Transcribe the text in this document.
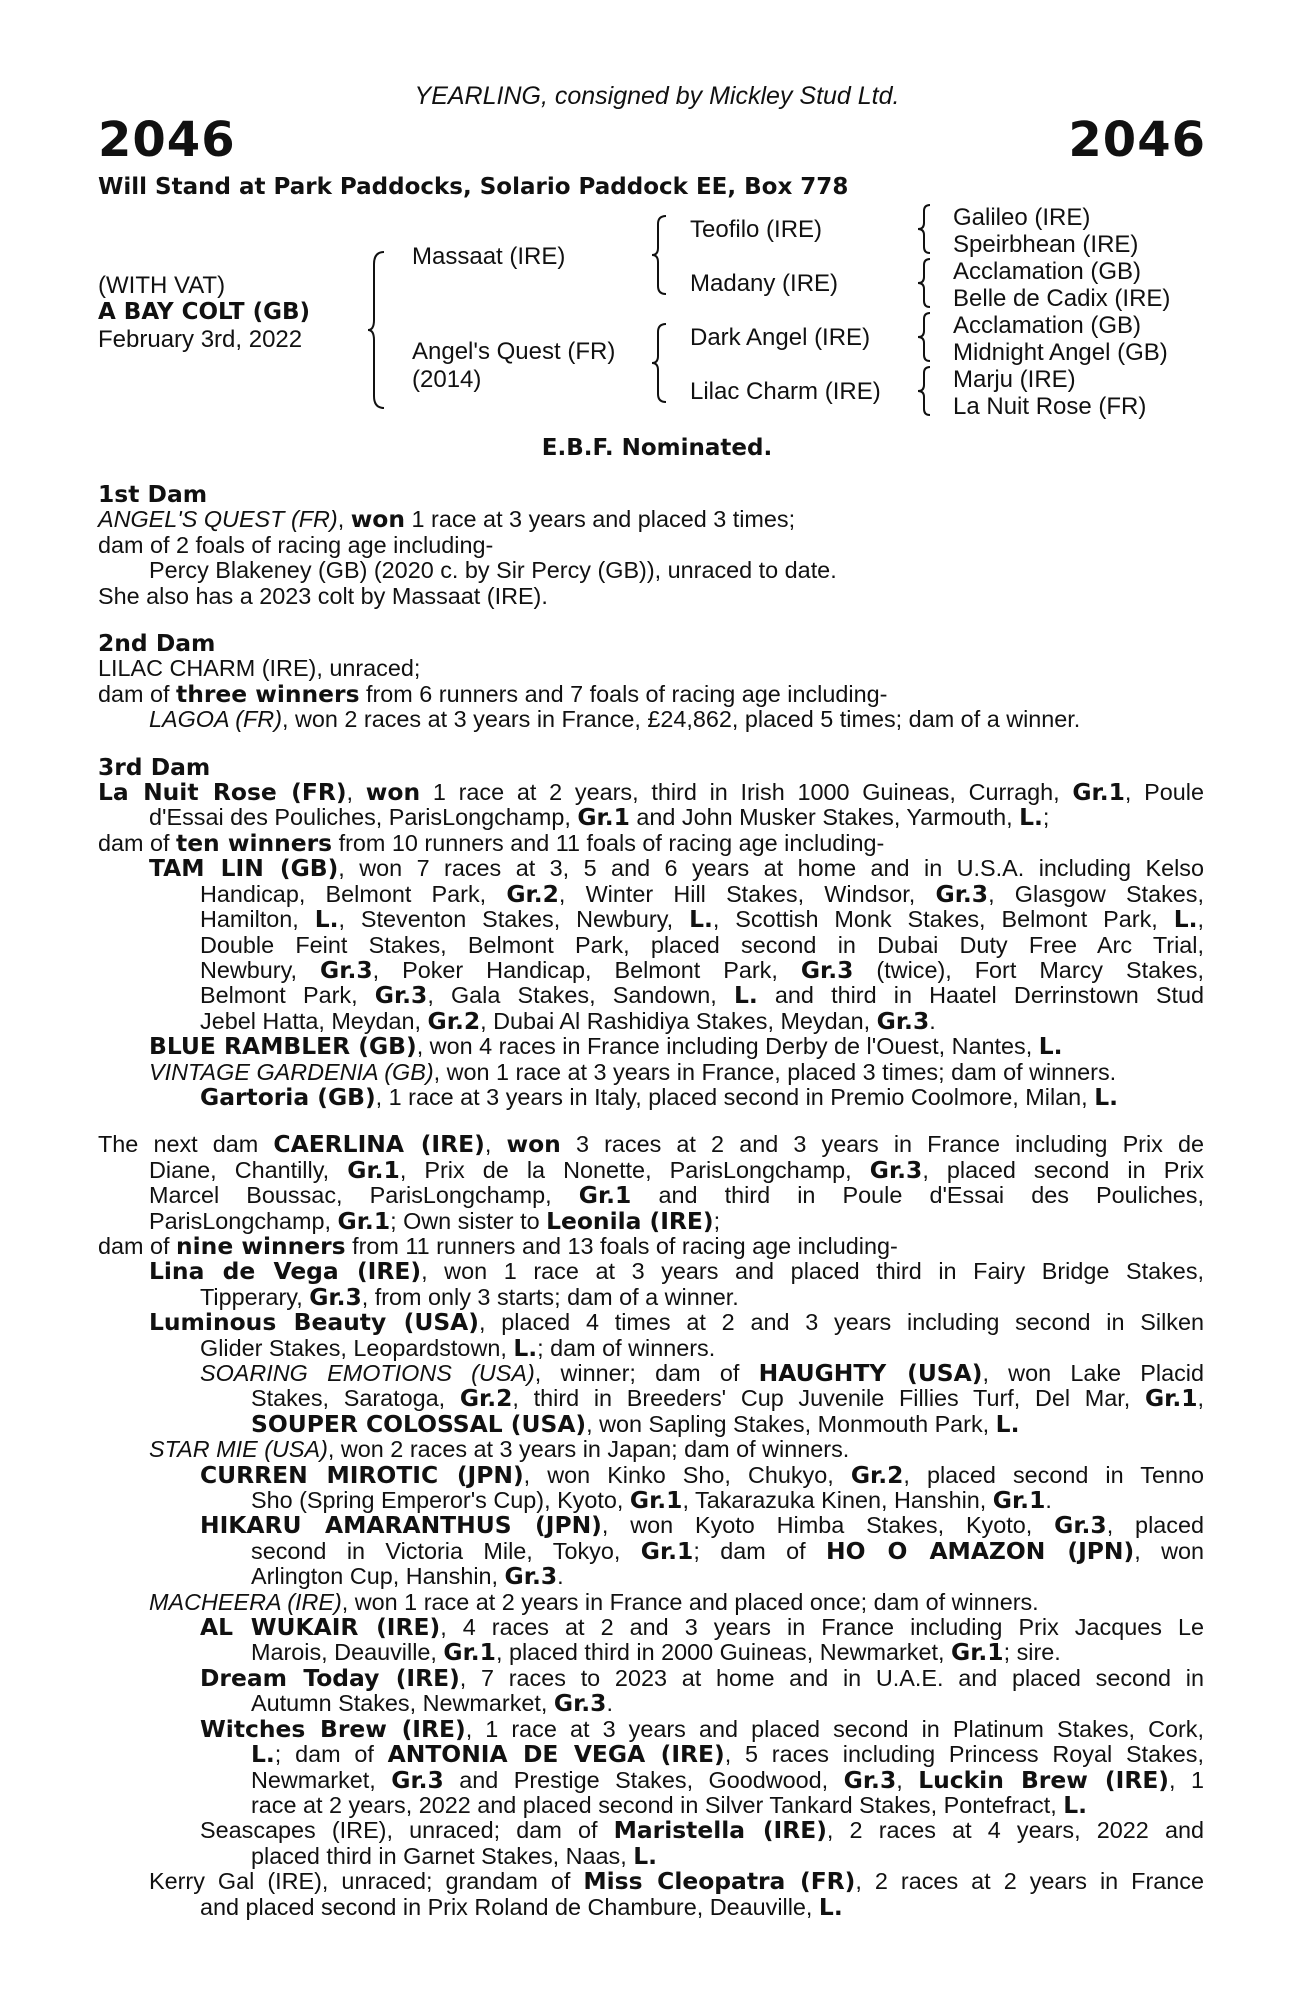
YEARLING, consigned by Mickley Stud Ltd.
2046	2046
Will Stand at Park Paddocks, Solario Paddock EE, Box 778
(WITH VAT)
A BAY COLT (GB)
February 3rd, 2022
Massaat (IRE)
Angel's Quest (FR)
(2014)
Teofilo (IRE)
Madany (IRE)
Dark Angel (IRE)
Lilac Charm (IRE)
Galileo (IRE)
Speirbhean (IRE)
Acclamation (GB)
Belle de Cadix (IRE)
Acclamation (GB)
Midnight Angel (GB)
Marju (IRE)
La Nuit Rose (FR)
E.B.F. Nominated.
1st Dam
ANGEL'S QUEST (FR), won 1 race at 3 years and placed 3 times;
dam of 2 foals of racing age including-
Percy Blakeney (GB) (2020 c. by Sir Percy (GB)), unraced to date.
She also has a 2023 colt by Massaat (IRE).
2nd Dam
LILAC CHARM (IRE), unraced;
dam of three winners from 6 runners and 7 foals of racing age including-
LAGOA (FR), won 2 races at 3 years in France, £24,862, placed 5 times; dam of a winner.
3rd Dam
La Nuit Rose (FR), won 1 race at 2 years, third in Irish 1000 Guineas, Curragh, Gr.1, Poule
d'Essai des Pouliches, ParisLongchamp, Gr.1 and John Musker Stakes, Yarmouth, L.;
dam of ten winners from 10 runners and 11 foals of racing age including-
TAM LIN (GB), won 7 races at 3, 5 and 6 years at home and in U.S.A. including Kelso
Handicap, Belmont Park, Gr.2, Winter Hill Stakes, Windsor, Gr.3, Glasgow Stakes,
Hamilton, L., Steventon Stakes, Newbury, L., Scottish Monk Stakes, Belmont Park, L.,
Double Feint Stakes, Belmont Park, placed second in Dubai Duty Free Arc Trial,
Newbury, Gr.3, Poker Handicap, Belmont Park, Gr.3 (twice), Fort Marcy Stakes,
Belmont Park, Gr.3, Gala Stakes, Sandown, L. and third in Haatel Derrinstown Stud
Jebel Hatta, Meydan, Gr.2, Dubai Al Rashidiya Stakes, Meydan, Gr.3.
BLUE RAMBLER (GB), won 4 races in France including Derby de l'Ouest, Nantes, L.
VINTAGE GARDENIA (GB), won 1 race at 3 years in France, placed 3 times; dam of winners.
Gartoria (GB), 1 race at 3 years in Italy, placed second in Premio Coolmore, Milan, L.
The next dam CAERLINA (IRE), won 3 races at 2 and 3 years in France including Prix de
Diane, Chantilly, Gr.1, Prix de la Nonette, ParisLongchamp, Gr.3, placed second in Prix
Marcel Boussac, ParisLongchamp, Gr.1 and third in Poule d'Essai des Pouliches,
ParisLongchamp, Gr.1; Own sister to Leonila (IRE);
dam of nine winners from 11 runners and 13 foals of racing age including-
Lina de Vega (IRE), won 1 race at 3 years and placed third in Fairy Bridge Stakes,
Tipperary, Gr.3, from only 3 starts; dam of a winner.
Luminous Beauty (USA), placed 4 times at 2 and 3 years including second in Silken
Glider Stakes, Leopardstown, L.; dam of winners.
SOARING EMOTIONS (USA), winner; dam of HAUGHTY (USA), won Lake Placid
Stakes, Saratoga, Gr.2, third in Breeders' Cup Juvenile Fillies Turf, Del Mar, Gr.1,
SOUPER COLOSSAL (USA), won Sapling Stakes, Monmouth Park, L.
STAR MIE (USA), won 2 races at 3 years in Japan; dam of winners.
CURREN MIROTIC (JPN), won Kinko Sho, Chukyo, Gr.2, placed second in Tenno
Sho (Spring Emperor's Cup), Kyoto, Gr.1, Takarazuka Kinen, Hanshin, Gr.1.
HIKARU AMARANTHUS (JPN), won Kyoto Himba Stakes, Kyoto, Gr.3, placed
second in Victoria Mile, Tokyo, Gr.1; dam of HO O AMAZON (JPN), won
Arlington Cup, Hanshin, Gr.3.
MACHEERA (IRE), won 1 race at 2 years in France and placed once; dam of winners.
AL WUKAIR (IRE), 4 races at 2 and 3 years in France including Prix Jacques Le
Marois, Deauville, Gr.1, placed third in 2000 Guineas, Newmarket, Gr.1; sire.
Dream Today (IRE), 7 races to 2023 at home and in U.A.E. and placed second in
Autumn Stakes, Newmarket, Gr.3.
Witches Brew (IRE), 1 race at 3 years and placed second in Platinum Stakes, Cork,
L.; dam of ANTONIA DE VEGA (IRE), 5 races including Princess Royal Stakes,
Newmarket, Gr.3 and Prestige Stakes, Goodwood, Gr.3, Luckin Brew (IRE), 1
race at 2 years, 2022 and placed second in Silver Tankard Stakes, Pontefract, L.
Seascapes (IRE), unraced; dam of Maristella (IRE), 2 races at 4 years, 2022 and
placed third in Garnet Stakes, Naas, L.
Kerry Gal (IRE), unraced; grandam of Miss Cleopatra (FR), 2 races at 2 years in France
and placed second in Prix Roland de Chambure, Deauville, L.
